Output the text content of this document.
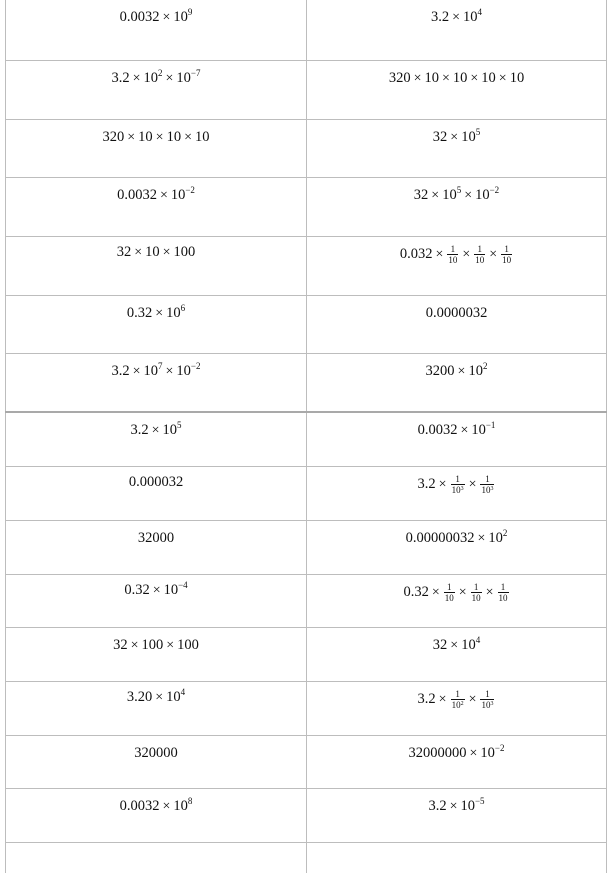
$0.0032 \times 10^9$	$3.2 \times 10^4$
$3.2 \times 10^2 \times 10^{-7}$	320 × 10 × 10 × 10 × 10
320 × 10 × 10 × 10	$32 \times 10^5$
$0.0032 \times 10^{-2}$	$32 \times 10^5 \times 10^{-2}$
32 × 10 × 100	$0.032 \times \frac{1}{10} \times \frac{1}{10} \times \frac{1}{10}$
$0.32 \times 10^6$	0.0000032
$3.2 \times 10^7 \times 10^{-2}$	$3200 \times 10^2$
$3.2 \times 10^5$	$0.0032 \times 10^{-1}$
0.000032	$3.2 \times \frac{1}{10^3} \times \frac{1}{10^3}$
32000	$0.00000032 \times 10^2$
$0.32 \times 10^{-4}$	$0.32 \times \frac{1}{10} \times \frac{1}{10} \times \frac{1}{10}$
32 × 100 × 100	$32 \times 10^4$
$3.20 \times 10^4$	$3.2 \times \frac{1}{10^2} \times \frac{1}{10^3}$
320000	$32000000 \times 10^{-2}$
$0.0032 \times 10^8$	$3.2 \times 10^{-5}$
